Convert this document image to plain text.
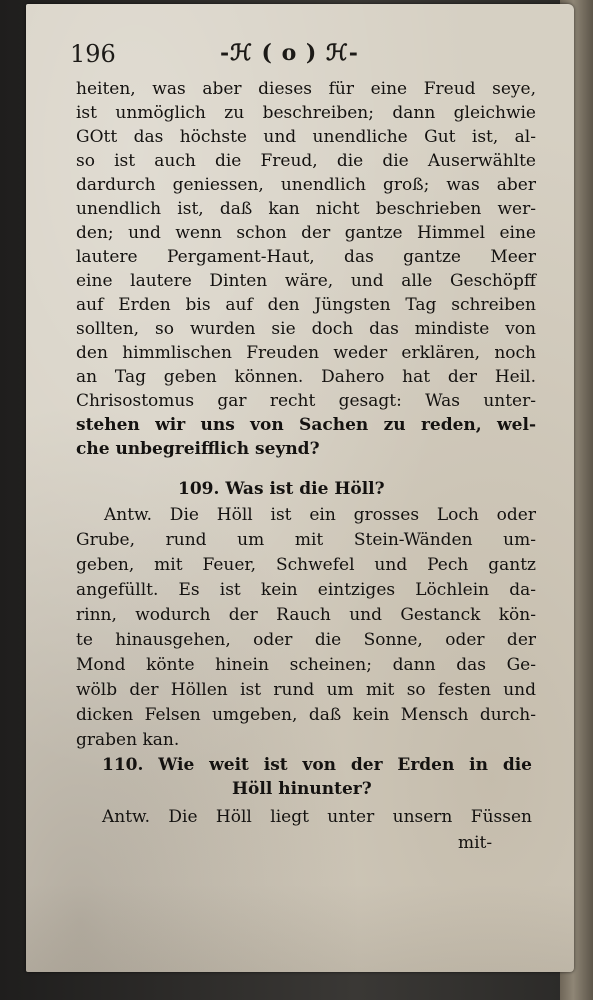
196	-ℋ ( o ) ℋ-
heiten, was aber dieses für eine Freud seye,
ist unmöglich zu beschreiben; dann gleichwie
GOtt das höchste und unendliche Gut ist, al-
so ist auch die Freud, die die Auserwählte
dardurch geniessen, unendlich groß; was aber
unendlich ist, daß kan nicht beschrieben wer-
den; und wenn schon der gantze Himmel eine
lautere Pergament-Haut, das gantze Meer
eine lautere Dinten wäre, und alle Geschöpff
auf Erden bis auf den Jüngsten Tag schreiben
sollten, so wurden sie doch das mindiste von
den himmlischen Freuden weder erklären, noch
an Tag geben können. Dahero hat der Heil.
Chrisostomus gar recht gesagt: Was unter-
stehen wir uns von Sachen zu reden, wel-
che unbegreifflich seynd?
109. Was ist die Höll?
Antw. Die Höll ist ein grosses Loch oder
Grube, rund um mit Stein-Wänden um-
geben, mit Feuer, Schwefel und Pech gantz
angefüllt. Es ist kein eintziges Löchlein da-
rinn, wodurch der Rauch und Gestanck kön-
te hinausgehen, oder die Sonne, oder der
Mond könte hinein scheinen; dann das Ge-
wölb der Höllen ist rund um mit so festen und
dicken Felsen umgeben, daß kein Mensch durch-
graben kan.
110. Wie weit ist von der Erden in die
Höll hinunter?
Antw. Die Höll liegt unter unsern Füssen
mit-
